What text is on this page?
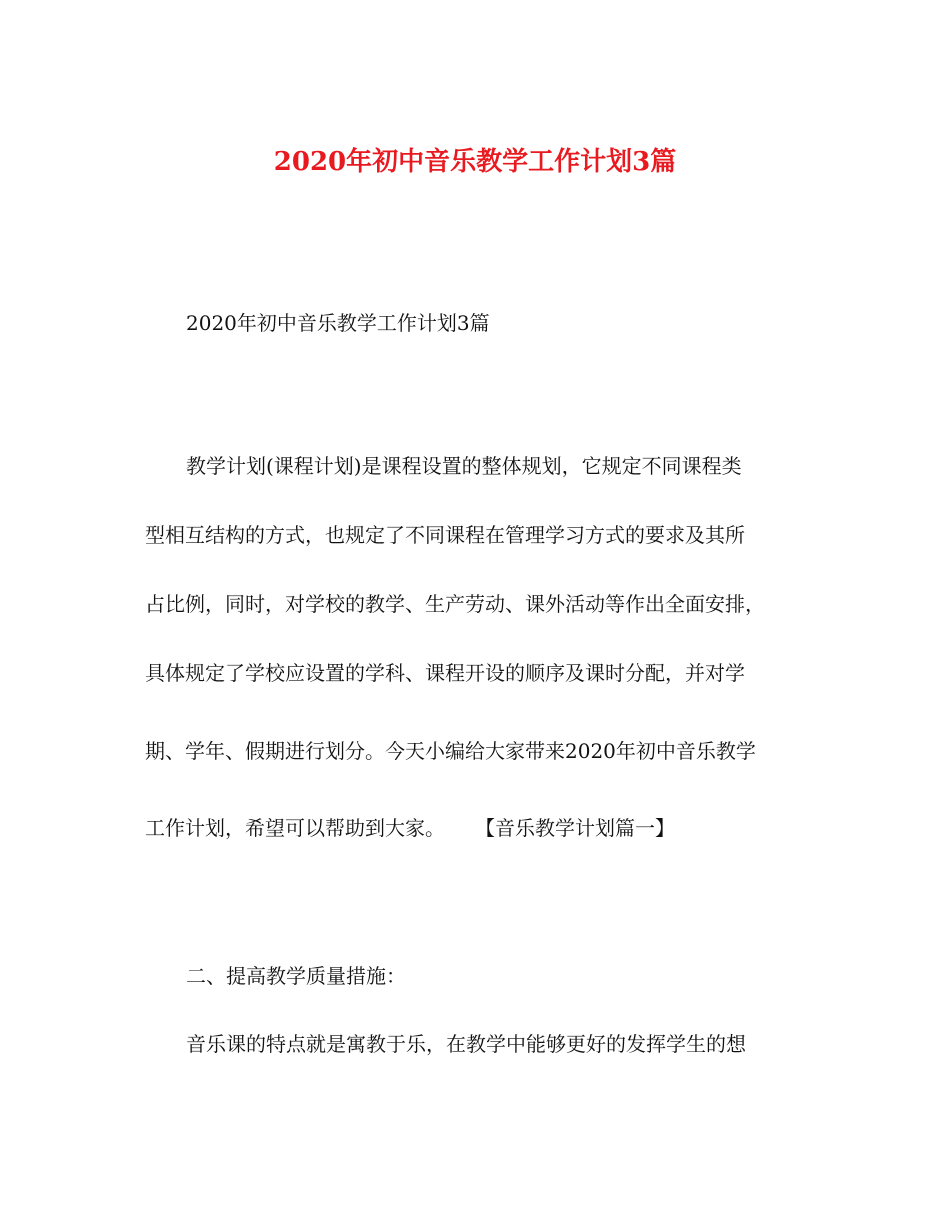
2020年初中音乐教学工作计划3篇
2020年初中音乐教学工作计划3篇
教学计划(课程计划)是课程设置的整体规划，它规定不同课程类
型相互结构的方式，也规定了不同课程在管理学习方式的要求及其所
占比例，同时，对学校的教学、生产劳动、课外活动等作出全面安排，
具体规定了学校应设置的学科、课程开设的顺序及课时分配，并对学
期、学年、假期进行划分。今天小编给大家带来2020年初中音乐教学
工作计划，希望可以帮助到大家。 【音乐教学计划篇一】
二、提高教学质量措施：
音乐课的特点就是寓教于乐，在教学中能够更好的发挥学生的想
